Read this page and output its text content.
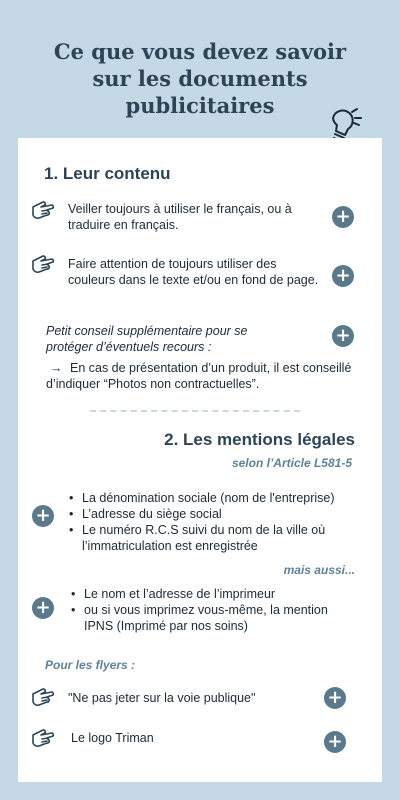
Ce que vous devez savoir sur les documents publicitaires
1. Leur contenu
Veiller toujours à utiliser le français, ou à traduire en français.	+
Faire attention de toujours utiliser des couleurs dans le texte et/ou en fond de page. +
Petit conseil supplémentaire pour se protéger d’éventuels recours :
+
→ En cas de présentation d’un produit, il est conseillé d’indiquer “Photos non contractuelles”.
2. Les mentions légales
selon l’Article L581-5
+
• La dénomination sociale (nom de l'entreprise)
• L’adresse du siège social
• Le numéro R.C.S suivi du nom de la ville où l’immatriculation est enregistrée
mais aussi...
+
• Le nom et l’adresse de l’imprimeur
• ou si vous imprimez vous-même, la mention IPNS (Imprimé par nos soins)
Pour les flyers :
"Ne pas jeter sur la voie publique"	+
Le logo Triman	+
